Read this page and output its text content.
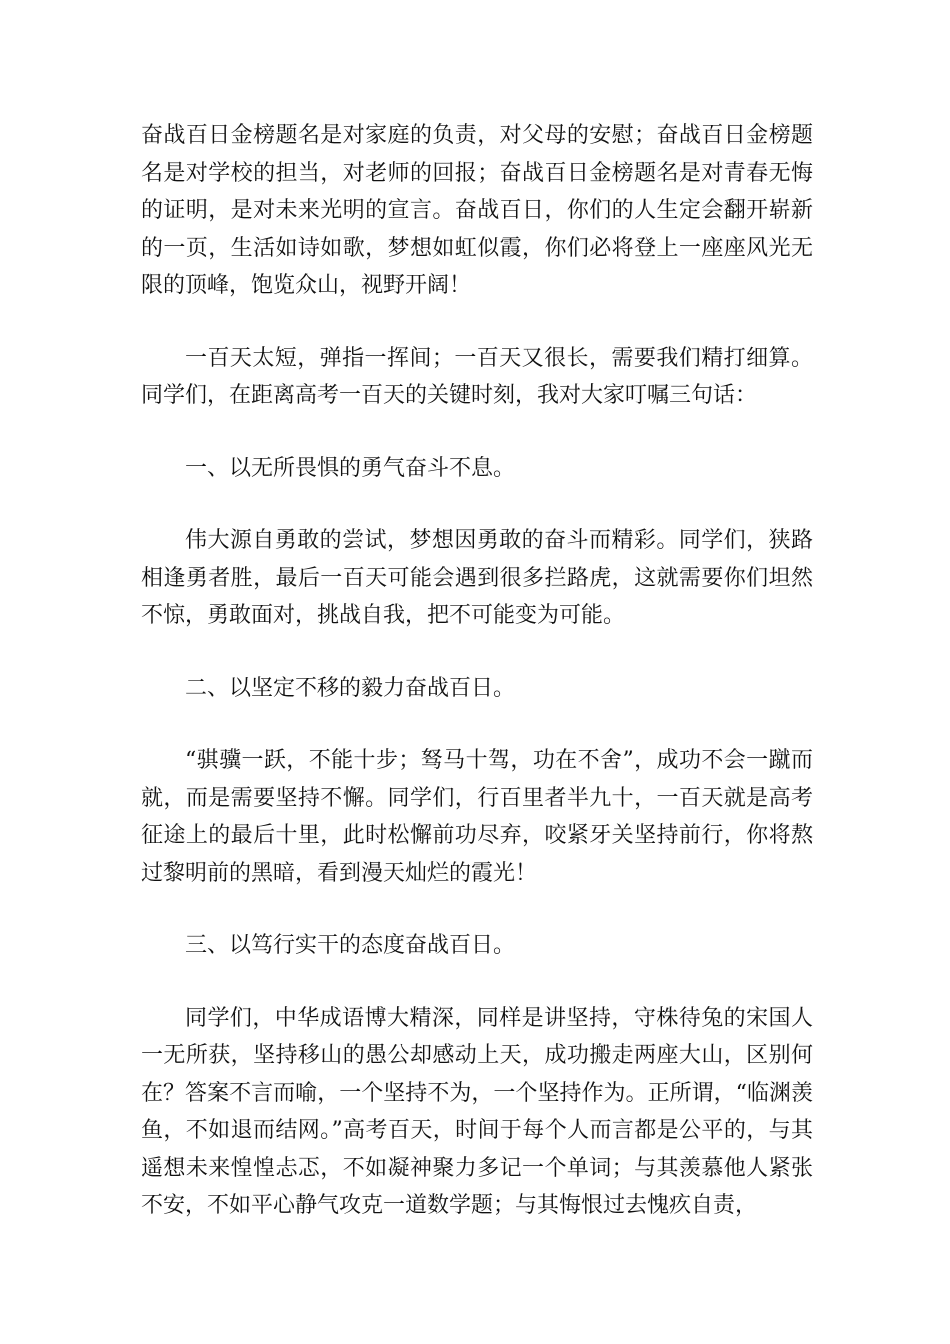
奋战百日金榜题名是对家庭的负责，对父母的安慰；奋战百日金榜题名是对学校的担当，对老师的回报；奋战百日金榜题名是对青春无悔的证明，是对未来光明的宣言。奋战百日，你们的人生定会翻开崭新的一页，生活如诗如歌，梦想如虹似霞，你们必将登上一座座风光无限的顶峰，饱览众山，视野开阔！

一百天太短，弹指一挥间；一百天又很长，需要我们精打细算。同学们，在距离高考一百天的关键时刻，我对大家叮嘱三句话：

一、以无所畏惧的勇气奋斗不息。

伟大源自勇敢的尝试，梦想因勇敢的奋斗而精彩。同学们，狭路相逢勇者胜，最后一百天可能会遇到很多拦路虎，这就需要你们坦然不惊，勇敢面对，挑战自我，把不可能变为可能。

二、以坚定不移的毅力奋战百日。

“骐骥一跃，不能十步；驽马十驾，功在不舍”，成功不会一蹴而就，而是需要坚持不懈。同学们，行百里者半九十，一百天就是高考征途上的最后十里，此时松懈前功尽弃，咬紧牙关坚持前行，你将熬过黎明前的黑暗，看到漫天灿烂的霞光！

三、以笃行实干的态度奋战百日。

同学们，中华成语博大精深，同样是讲坚持，守株待兔的宋国人一无所获，坚持移山的愚公却感动上天，成功搬走两座大山，区别何在？答案不言而喻，一个坚持不为，一个坚持作为。正所谓，“临渊羡鱼，不如退而结网。”高考百天，时间于每个人而言都是公平的，与其遥想未来惶惶忐忑，不如凝神聚力多记一个单词；与其羡慕他人紧张不安，不如平心静气攻克一道数学题；与其悔恨过去愧疚自责，
